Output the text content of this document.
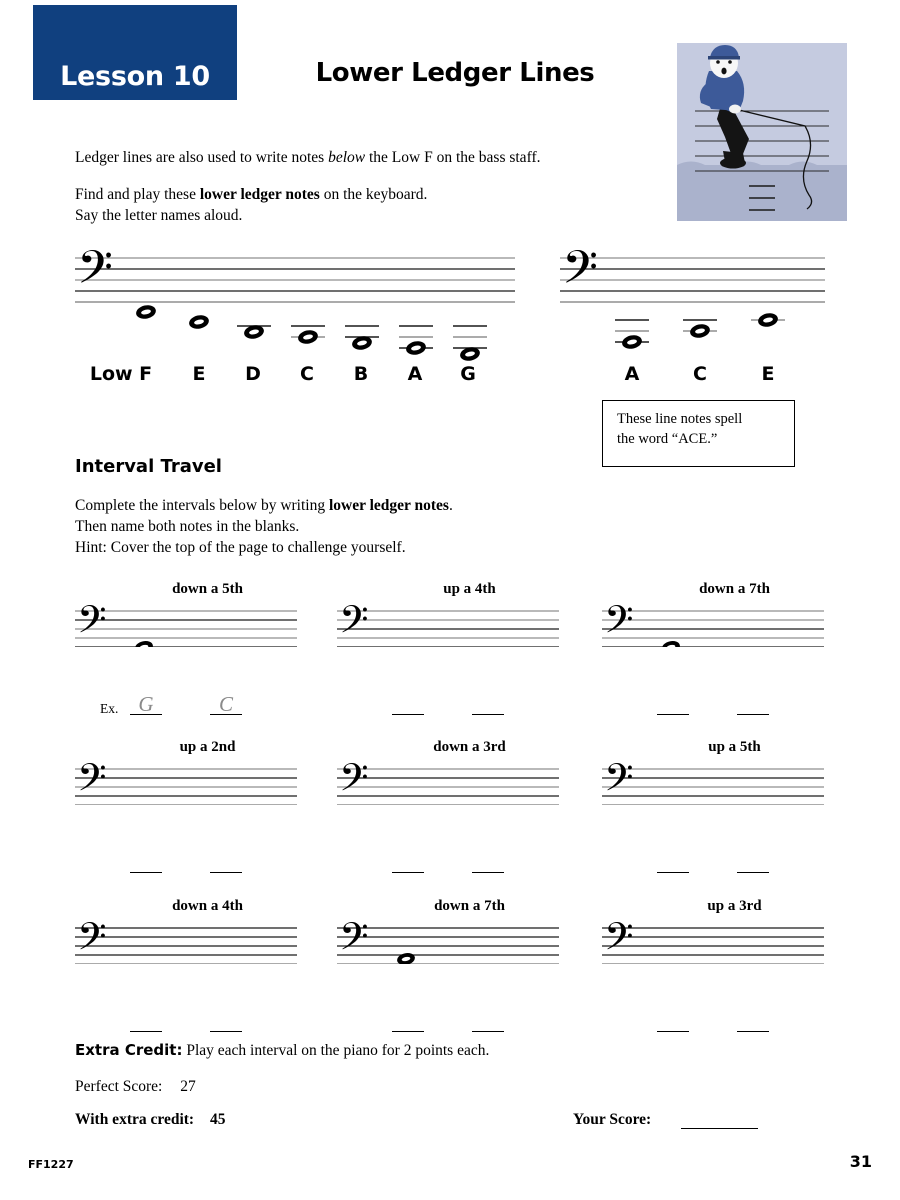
Lesson 10	Lower Ledger Lines

Ledger lines are also used to write notes below the Low F on the bass staff.

Find and play these lower ledger notes on the keyboard.

Say the letter names aloud.

𝄢
Low F	E	D	C	B	A	G
𝄢
A	C	E
These line notes spell
the word “ACE.”
Interval Travel

Complete the intervals below by writing lower ledger notes.

Then name both notes in the blanks.

Hint: Cover the top of the page to challenge yourself.

down a 5th
𝄢
Ex. G	C
up a 4th
𝄢
down a 7th
𝄢
up a 2nd
𝄢
down a 3rd
𝄢
up a 5th
𝄢
down a 4th
𝄢
down a 7th
𝄢
up a 3rd
𝄢
Extra Credit: Play each interval on the piano for 2 points each.
Perfect Score: 27
With extra credit: 45	Your Score:
FF1227	31
